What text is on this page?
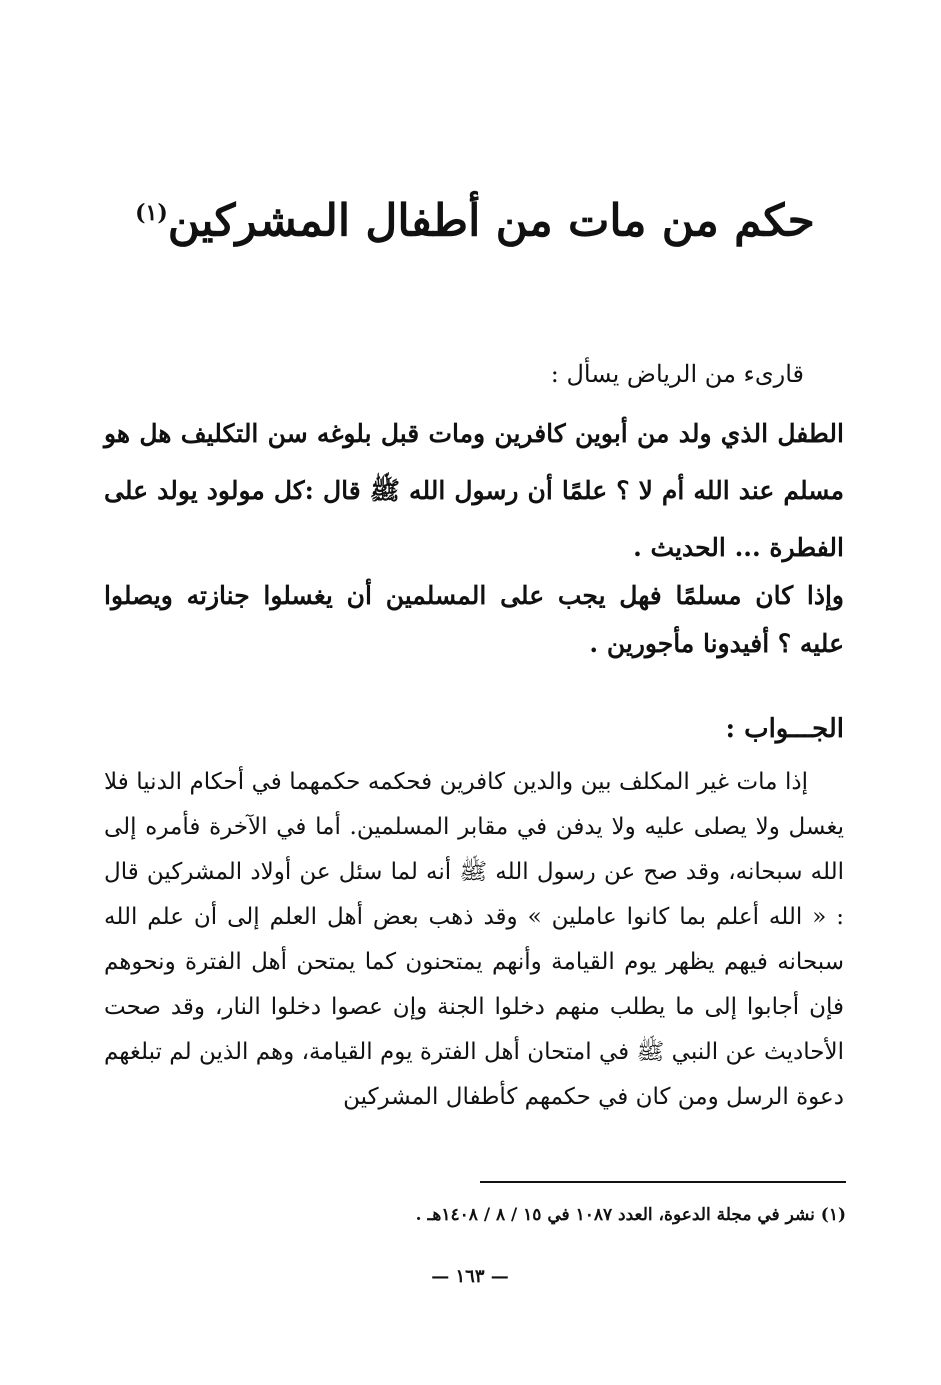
حكم من مات من أطفال المشركين$^{(١)}$
قارىء من الرياض يسأل :
الطفل الذي ولد من أبوين كافرين ومات قبل بلوغه سن التكليف هل هو مسلم عند الله أم لا ؟ علمًا أن رسول الله ﷺ قال :كل مولود يولد على الفطرة ... الحديث .
وإذا كان مسلمًا فهل يجب على المسلمين أن يغسلوا جنازته ويصلوا عليه ؟ أفيدونا مأجورين .
الجـــواب :
إذا مات غير المكلف بين والدين كافرين فحكمه حكمهما في أحكام الدنيا فلا يغسل ولا يصلى عليه ولا يدفن في مقابر المسلمين. أما في الآخرة فأمره إلى الله سبحانه، وقد صح عن رسول الله ﷺ أنه لما سئل عن أولاد المشركين قال : « الله أعلم بما كانوا عاملين » وقد ذهب بعض أهل العلم إلى أن علم الله سبحانه فيهم يظهر يوم القيامة وأنهم يمتحنون كما يمتحن أهل الفترة ونحوهم فإن أجابوا إلى ما يطلب منهم دخلوا الجنة وإن عصوا دخلوا النار، وقد صحت الأحاديث عن النبي ﷺ في امتحان أهل الفترة يوم القيامة، وهم الذين لم تبلغهم دعوة الرسل ومن كان في حكمهم كأطفال المشركين
(١) نشر في مجلة الدعوة، العدد ١٠٨٧ في ١٥ / ٨ / ١٤٠٨هـ .
— ١٦٣ —
